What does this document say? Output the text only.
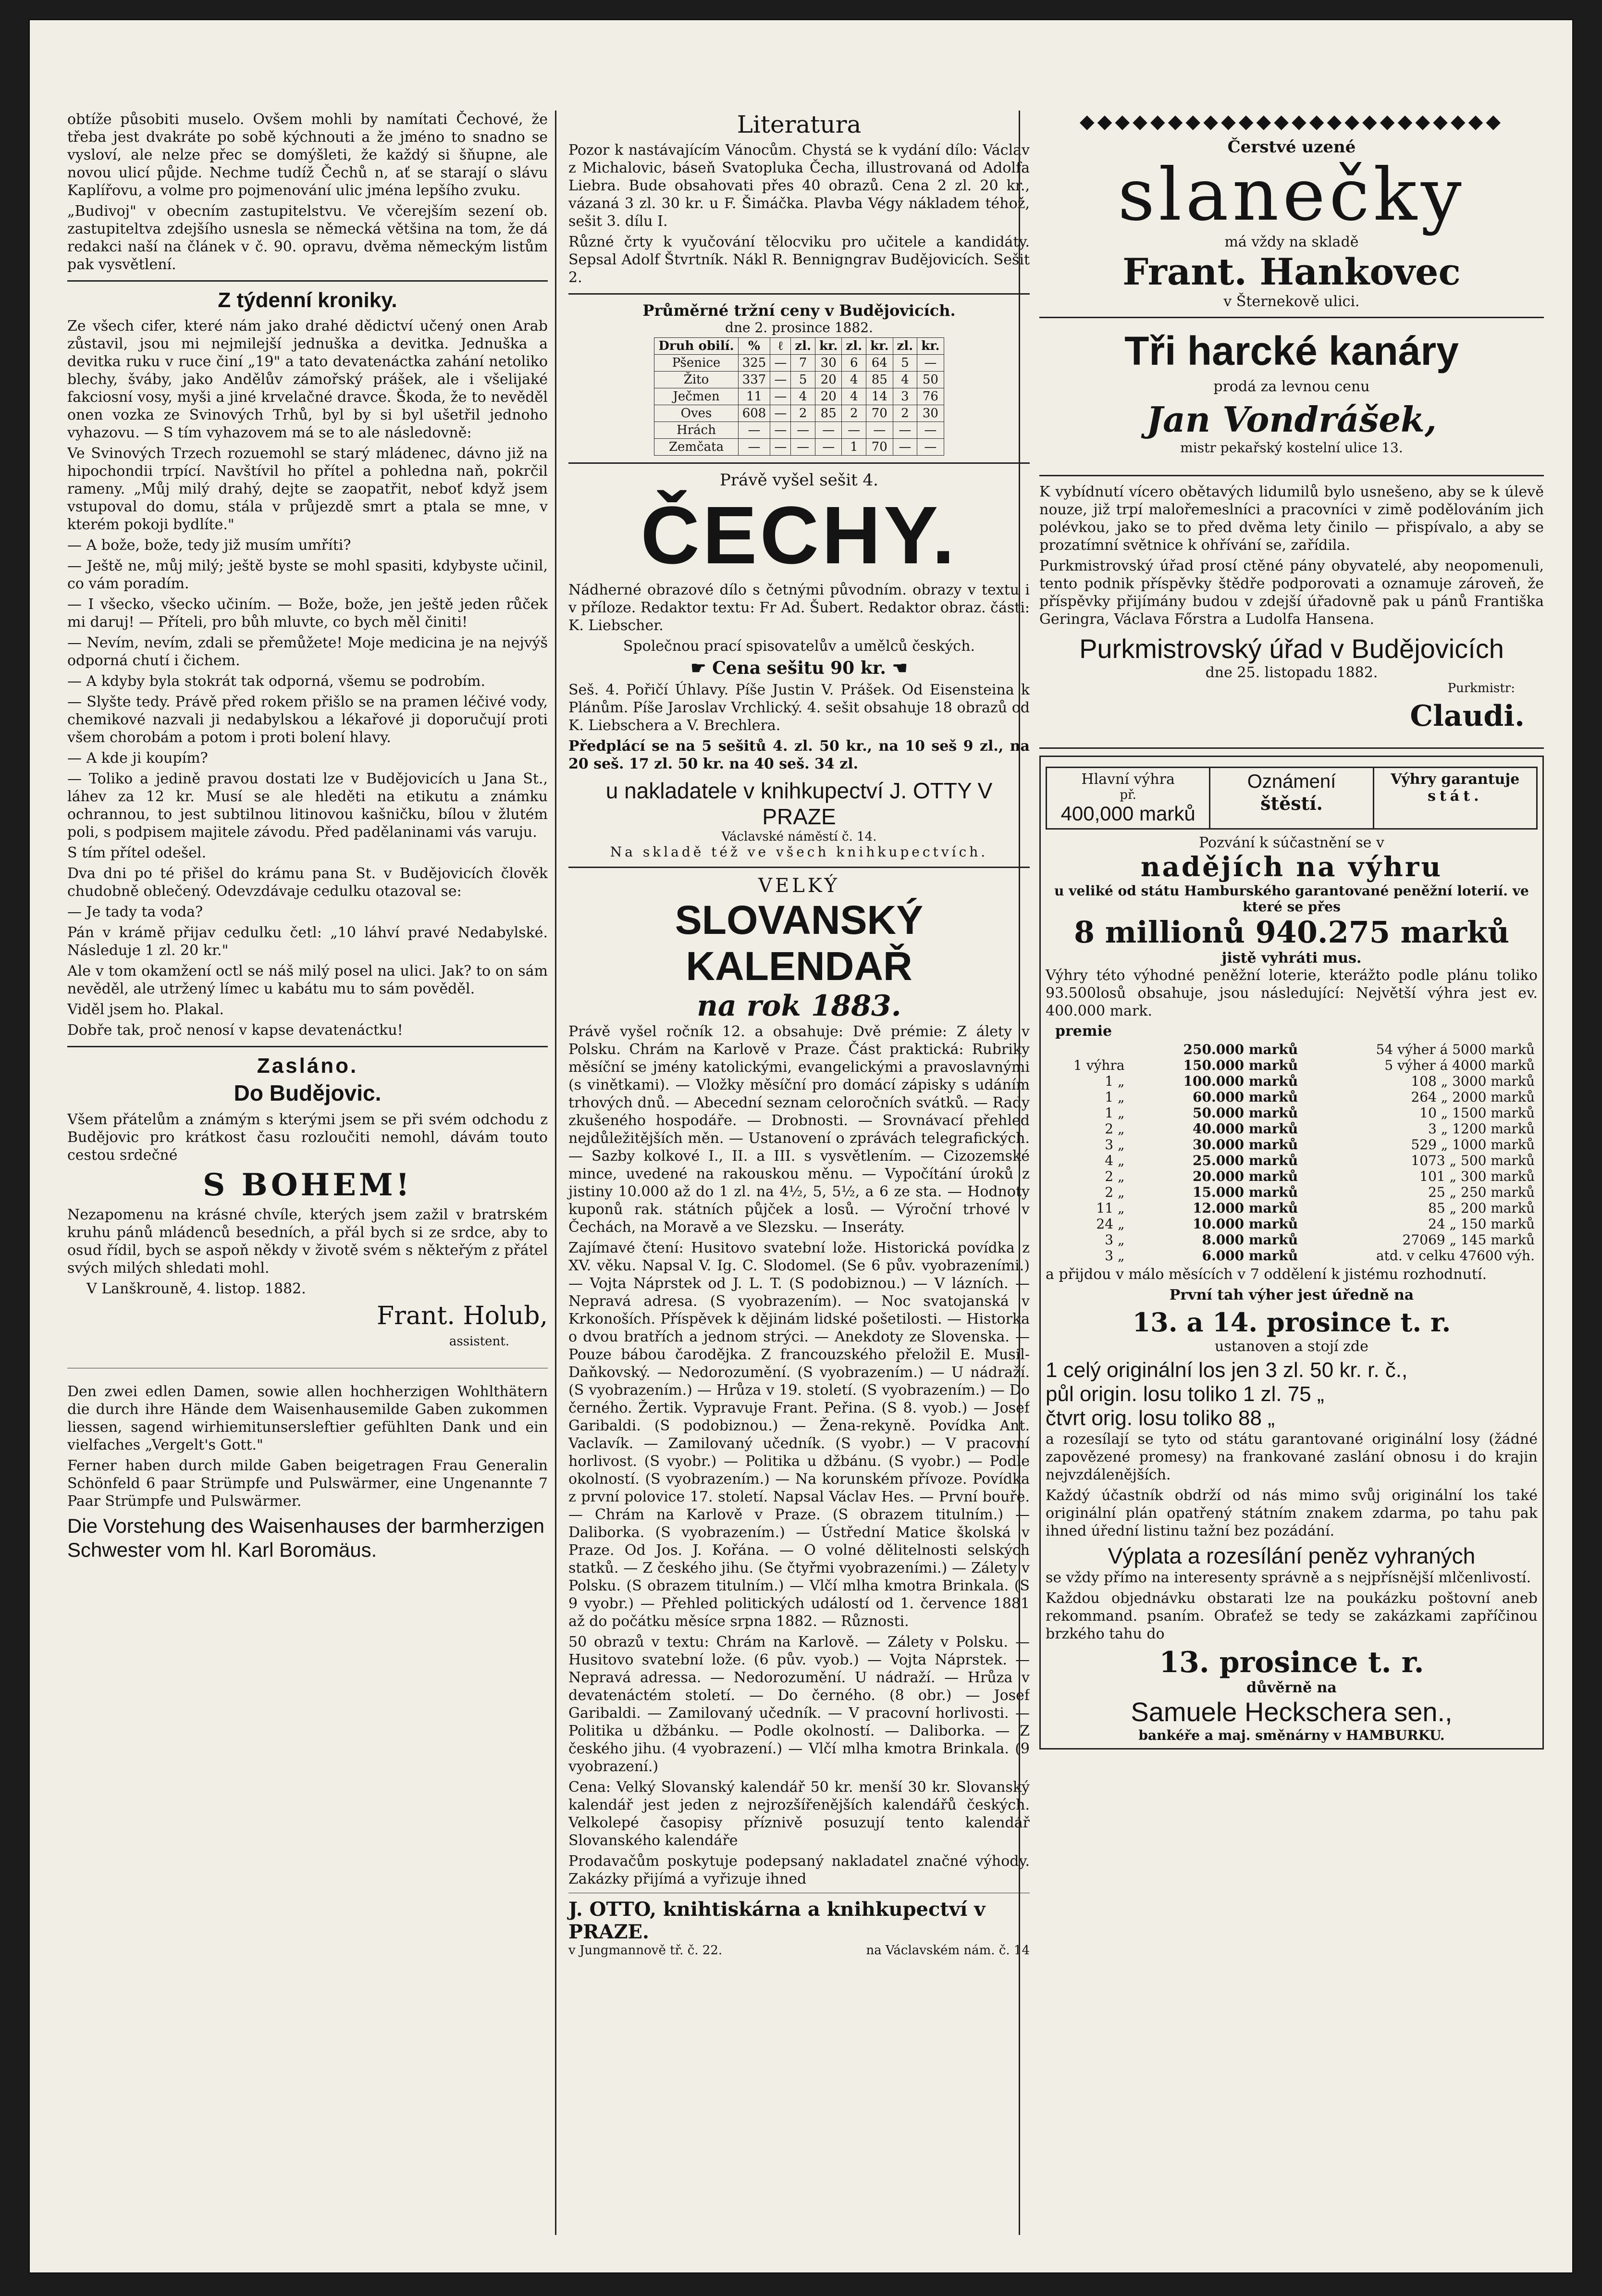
obtíže působiti muselo. Ovšem mohli by namítati Čechové, že třeba jest dvakráte po sobě kýchnouti a že jméno to snadno se vysloví, ale nelze přec se domýšleti, že každý si šňupne, ale novou ulicí půjde. Nechme tudíž Čechů n, ať se starají o slávu Kaplířovu, a volme pro pojmenování ulic jména lepšího zvuku.

„Budivoj" v obecním zastupitelstvu. Ve včerejším sezení ob. zastupiteltva zdejšího usnesla se německá většina na tom, že dá redakci naší na článek v č. 90. opravu, dvěma německým listům pak vysvětlení.

Z týdenní kroniky.

Ze všech cifer, které nám jako drahé dědictví učený onen Arab zůstavil, jsou mi nejmilejší jednuška a devitka. Jednuška a devitka ruku v ruce činí „19" a tato devatenáctka zahání netoliko blechy, šváby, jako Andělův zámořský prášek, ale i všelijaké fakciosní vosy, myši a jiné krvelačné dravce. Škoda, že to nevěděl onen vozka ze Svinových Trhů, byl by si byl ušetřil jednoho vyhazovu. — S tím vyhazovem má se to ale následovně:

Ve Svinových Trzech rozuemohl se starý mládenec, dávno již na hipochondii trpící. Navštívil ho přítel a pohledna naň, pokrčil rameny. „Můj milý drahý, dejte se zaopatřit, neboť když jsem vstupoval do domu, stála v průjezdě smrt a ptala se mne, v kterém pokoji bydlíte."

— A bože, bože, tedy již musím umříti?

— Ještě ne, můj milý; ještě byste se mohl spasiti, kdybyste učinil, co vám poradím.

— I všecko, všecko učiním. — Bože, bože, jen ještě jeden růček mi daruj! — Příteli, pro bůh mluvte, co bych měl činiti!

— Nevím, nevím, zdali se přemůžete! Moje medicina je na nejvýš odporná chutí i čichem.

— A kdyby byla stokrát tak odporná, všemu se podrobím.

— Slyšte tedy. Právě před rokem přišlo se na pramen léčivé vody, chemikové nazvali ji nedabylskou a lékařové ji doporučují proti všem chorobám a potom i proti bolení hlavy.

— A kde ji koupím?

— Toliko a jedině pravou dostati lze v Budějovicích u Jana St., láhev za 12 kr. Musí se ale hleděti na etikutu a známku ochrannou, to jest subtilnou litinovou kašničku, bílou v žlutém poli, s podpisem majitele závodu. Před padělaninami vás varuju.

S tím přítel odešel.

Dva dni po té přišel do krámu pana St. v Budějovicích člověk chudobně oblečený. Odevzdávaje cedulku otazoval se:

— Je tady ta voda?

Pán v krámě přijav cedulku četl: „10 láhví pravé Nedabylské. Následuje 1 zl. 20 kr."

Ale v tom okamžení octl se náš milý posel na ulici. Jak? to on sám nevěděl, ale utržený límec u kabátu mu to sám pověděl.

Viděl jsem ho. Plakal.

Dobře tak, proč nenosí v kapse devatenáctku!

Zasláno.
Do Budějovic.

Všem přátelům a známým s kterými jsem se při svém odchodu z Budějovic pro krátkost času rozloučiti nemohl, dávám touto cestou srdečné

S BOHEM!

Nezapomenu na krásné chvíle, kterých jsem zažil v bratrském kruhu pánů mládenců besedních, a přál bych si ze srdce, aby to osud řídil, bych se aspoň někdy v životě svém s někteřým z přátel svých milých shledati mohl.

V Lanškrouně, 4. listop. 1882.

Frant. Holub,
assistent.

Den zwei edlen Damen, sowie allen hochherzigen Wohlthätern die durch ihre Hände dem Waisenhausemilde Gaben zukommen liessen, sagend wirhiemitunsersleftier gefühlten Dank und ein vielfaches „Vergelt's Gott."

Ferner haben durch milde Gaben beigetragen Frau Generalin Schönfeld 6 paar Strümpfe und Pulswärmer, eine Ungenannte 7 Paar Strümpfe und Pulswärmer.

Die Vorstehung des Waisenhauses der barmherzigen Schwester vom hl. Karl Boromäus.
Literatura

Pozor k nastávajícím Vánocům. Chystá se k vydání dílo: Václav z Michalovic, báseň Svatopluka Čecha, illustrovaná od Adolfa Liebra. Bude obsahovati přes 40 obrazů. Cena 2 zl. 20 kr., vázaná 3 zl. 30 kr. u F. Šimáčka. Plavba Végy nákladem téhož, sešit 3. dílu I.

Různé črty k vyučování tělocviku pro učitele a kandidáty. Sepsal Adolf Štvrtník. Nákl R. Bennigngrav Budějovicích. Sešit 2.

Průměrné tržní ceny v Budějovicích.
dne 2. prosince 1882.
Druh obilí.	%	ℓ	zl.	kr.	zl.	kr.	zl.	kr.
Pšenice	325	—	7	30	6	64	5	—
Žito	337	—	5	20	4	85	4	50
Ječmen	11	—	4	20	4	14	3	76
Oves	608	—	2	85	2	70	2	30
Hrách	—	—	—	—	—	—	—	—
Zemčata	—	—	—	—	1	70	—	—
Právě vyšel sešit 4.
ČECHY.

Nádherné obrazové dílo s četnými původním. obrazy v textu i v příloze. Redaktor textu: Fr Ad. Šubert. Redaktor obraz. části: K. Liebscher.

Společnou prací spisovatelův a umělců českých.

☛ Cena sešitu 90 kr. ☚

Seš. 4. Pořičí Úhlavy. Píše Justin V. Prášek. Od Eisensteina k Plánům. Píše Jaroslav Vrchlický. 4. sešit obsahuje 18 obrazů od K. Liebschera a V. Brechlera.

Předplácí se na 5 sešitů 4. zl. 50 kr., na 10 seš 9 zl., na 20 seš. 17 zl. 50 kr. na 40 seš. 34 zl.

u nakladatele v knihkupectví J. OTTY V PRAZE
Václavské náměstí č. 14.
Na skladě též ve všech knihkupectvích.
VELKÝ
SLOVANSKÝ KALENDAŘ
na rok 1883.

Právě vyšel ročník 12. a obsahuje: Dvě prémie: Z álety v Polsku. Chrám na Karlově v Praze. Část praktická: Rubriky měsíční se jmény katolickými, evangelickými a pravoslavnými (s vinětkami). — Vložky měsíční pro domácí zápisky s udáním trhových dnů. — Abecední seznam celoročních svátků. — Rady zkušeného hospodáře. — Drobnosti. — Srovnávací přehled nejdůležitějších měn. — Ustanovení o zprávách telegrafických. — Sazby kolkové I., II. a III. s vysvětlením. — Cizozemské mince, uvedené na rakouskou měnu. — Vypočítání úroků z jistiny 10.000 až do 1 zl. na 4½, 5, 5½, a 6 ze sta. — Hodnoty kuponů rak. státních půjček a losů. — Výroční trhové v Čechách, na Moravě a ve Slezsku. — Inseráty.

Zajímavé čtení: Husitovo svatební lože. Historická povídka z XV. věku. Napsal V. Ig. C. Slodomel. (Se 6 pův. vyobrazeními.) — Vojta Náprstek od J. L. T. (S podobiznou.) — V lázních. — Nepravá adresa. (S vyobrazením). — Noc svatojanská v Krkonoších. Příspěvek k dějinám lidské pošetilosti. — Historka o dvou bratřích a jednom strýci. — Anekdoty ze Slovenska. — Pouze bábou čarodějka. Z francouzského přeložil E. Musil-Daňkovský. — Nedorozumění. (S vyobrazením.) — U nádraží. (S vyobrazením.) — Hrůza v 19. století. (S vyobrazením.) — Do černého. Žertik. Vypravuje Frant. Peřina. (S 8. vyob.) — Josef Garibaldi. (S podobiznou.) — Žena-rekyně. Povídka Ant. Vaclavík. — Zamilovaný učedník. (S vyobr.) — V pracovní horlivost. (S vyobr.) — Politika u džbánu. (S vyobr.) — Podle okolností. (S vyobrazením.) — Na korunském přívoze. Povídka z první polovice 17. století. Napsal Václav Hes. — První bouře. — Chrám na Karlově v Praze. (S obrazem titulním.) — Daliborka. (S vyobrazením.) — Ústřední Matice školská v Praze. Od Jos. J. Kořána. — O volné dělitelnosti selských statků. — Z českého jihu. (Se čtyřmi vyobrazeními.) — Zálety v Polsku. (S obrazem titulním.) — Vlčí mlha kmotra Brinkala. (S 9 vyobr.) — Přehled politických událostí od 1. července 1881 až do počátku měsíce srpna 1882. — Různosti.

50 obrazů v textu: Chrám na Karlově. — Zálety v Polsku. — Husitovo svatební lože. (6 pův. vyob.) — Vojta Náprstek. — Nepravá adressa. — Nedorozumění. U nádraží. — Hrůza v devatenáctém století. — Do černého. (8 obr.) — Josef Garibaldi. — Zamilovaný učedník. — V pracovní horlivosti. — Politika u džbánku. — Podle okolností. — Daliborka. — Z českého jihu. (4 vyobrazení.) — Vlčí mlha kmotra Brinkala. (9 vyobrazení.)

Cena: Velký Slovanský kalendář 50 kr. menší 30 kr. Slovanský kalendář jest jeden z nejrozšířenějších kalendářů českých. Velkolepé časopisy příznivě posuzují tento kalendář Slovanského kalendáře

Prodavačům poskytuje podepsaný nakladatel značné výhody. Zakázky přijímá a vyřizuje ihned

J. OTTO, knihtiskárna a knihkupectví v PRAZE.
v Jungmannově tř. č. 22.	na Václavském nám. č. 14
◆◆◆◆◆◆◆◆◆◆◆◆◆◆◆◆◆◆◆◆◆◆◆◆
Čerstvé uzené
slanečky
má vždy na skladě
Frant. Hankovec
v Šternekově ulici.
Tři harcké kanáry
prodá za levnou cenu
Jan Vondrášek,
mistr pekařský kostelní ulice 13.

K vybídnutí vícero obětavých lidumilů bylo usnešeno, aby se k úlevě nouze, již trpí malořemeslníci a pracovníci v zimě podělováním jich polévkou, jako se to před dvěma lety činilo — přispívalo, a aby se prozatímní světnice k ohřívání se, zařídila.

Purkmistrovský úřad prosí ctěné pány obyvatelé, aby neopomenuli, tento podnik příspěvky štědře podporovati a oznamuje zároveň, že příspěvky přijímány budou v zdejší úřadovně pak u pánů Františka Geringra, Václava Főrstra a Ludolfa Hansena.

Purkmistrovský úřad v Budějovicích
dne 25. listopadu 1882.
Purkmistr:
Claudi.
Hlavní výhra
př.
400,000 marků
Oznámení
štěstí.
Výhry garantuje
stát.
Pozvání k súčastnění se v
nadějích na výhru
u veliké od státu Hamburského garantované peněžní loterií. ve které se přes
8 millionů 940.275 marků
jistě vyhráti mus.

Výhry této výhodné peněžní loterie, kterážto podle plánu toliko 93.500losů obsahuje, jsou následující: Největší výhra jest ev. 400.000 mark.

premie
	250.000 marků	54 výher á 5000 marků
1 výhra	150.000 marků	5 výher á 4000 marků
1 „	100.000 marků	108 „ 3000 marků
1 „	60.000 marků	264 „ 2000 marků
1 „	50.000 marků	10 „ 1500 marků
2 „	40.000 marků	3 „ 1200 marků
3 „	30.000 marků	529 „ 1000 marků
4 „	25.000 marků	1073 „ 500 marků
2 „	20.000 marků	101 „ 300 marků
2 „	15.000 marků	25 „ 250 marků
11 „	12.000 marků	85 „ 200 marků
24 „	10.000 marků	24 „ 150 marků
3 „	8.000 marků	27069 „ 145 marků
3 „	6.000 marků	atd. v celku 47600 výh.

a přijdou v málo měsících v 7 oddělení k jistému rozhodnutí.

První tah výher jest úředně na

13. a 14. prosince t. r.

ustanoven a stojí zde

1 celý originální los jen 3 zl. 50 kr. r. č.,
půl origin. losu toliko 1 zl. 75 „
čtvrt orig. losu toliko 88 „

a rozesílají se tyto od státu garantované originální losy (žádné zapovězené promesy) na frankované zaslání obnosu i do krajin nejvzdálenějších.

Každý účastník obdrží od nás mimo svůj originální los také originální plán opatřený státním znakem zdarma, po tahu pak ihned úřední listinu tažní bez pozádání.

Výplata a rozesílání peněz vyhraných

se vždy přímo na interesenty správně a s nejpřísnější mlčenlivostí.

Každou objednávku obstarati lze na poukázku poštovní aneb rekommand. psaním. Obraťež se tedy se zakázkami zapříčinou brzkého tahu do

13. prosince t. r.
důvěrně na
Samuele Heckschera sen.,
bankéře a maj. směnárny v HAMBURKU.
